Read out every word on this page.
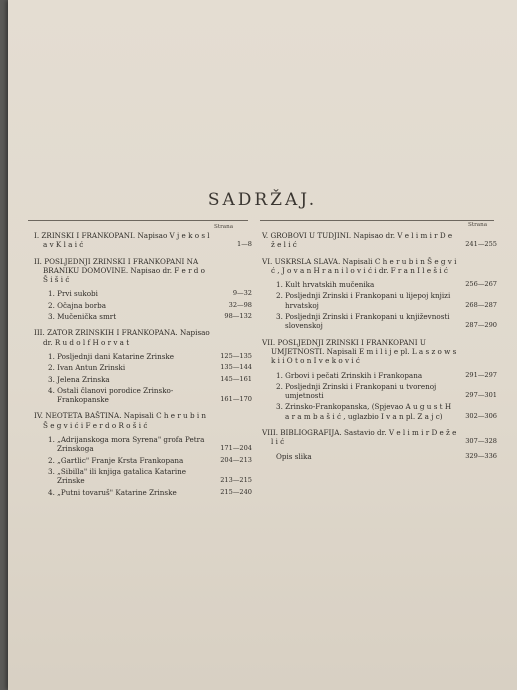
SADRŽAJ.
Strana	Strana
I. ZRINSKI I FRANKOPANI. Napisao V j e k o s l a v K l a i ć	1—8
II. POSLJEDNJI ZRINSKI I FRANKOPANI NA BRANIKU DOMOVINE. Napisao dr. F e r d o Š i š i ć
1. Prvi sukobi	9—32
2. Očajna borba	32—98
3. Mučenička smrt	98—132
III. ZATOR ZRINSKIH I FRANKOPANA. Napisao dr. R u d o l f H o r v a t
1. Posljednji dani Katarine Zrinske	125—135
2. Ivan Antun Zrinski	135—144
3. Jelena Zrinska	145—161
4. Ostali članovi porodice Zrinsko-Frankopanske	161—170
IV. NEOTETA BAŠTINA. Napisali C h e r u b i n Š e g v i ć i F e r d o R o š i ć
1. „Adrijanskoga mora Syrena" grofa Petra Zrinskoga	171—204
2. „Gartlic" Franje Krsta Frankopana	204—213
3. „Sibilla" ili knjiga gatalica Katarine Zrinske	213—215
4. „Putni tovaruš" Katarine Zrinske	215—240
V. GROBOVI U TUDJINI. Napisao dr. V e l i m i r D e ž e l i ć	241—255
VI. USKRSLA SLAVA. Napisali C h e r u b i n Š e g v i ć , J o v a n H r a n i l o v i ć i dr. F r a n I l e š i ć
1. Kult hrvatskih mučenika	256—267
2. Posljednji Zrinski i Frankopani u lijepoj knjizi hrvatskoj	268—287
3. Posljednji Zrinski i Frankopani u književnosti slovenskoj	287—290
VII. POSLJEDNJI ZRINSKI I FRANKOPANI U UMJETNOSTI. Napisali E m i l i j e pl. L a s z o w s k i i O t o n I v e k o v i ć
1. Grbovi i pečati Zrinskih i Frankopana	291—297
2. Posljednji Zrinski i Frankopani u tvorenoj umjetnosti	297—301
3. Zrinsko-Frankopanska, (Spjevao A u g u s t H a r a m b a š i ć , uglazbio I v a n pl. Z a j c)	302—306
VIII. BIBLIOGRAFIJA. Sastavio dr. V e l i m i r D e ž e l i ć	307—328
Opis slika	329—336
